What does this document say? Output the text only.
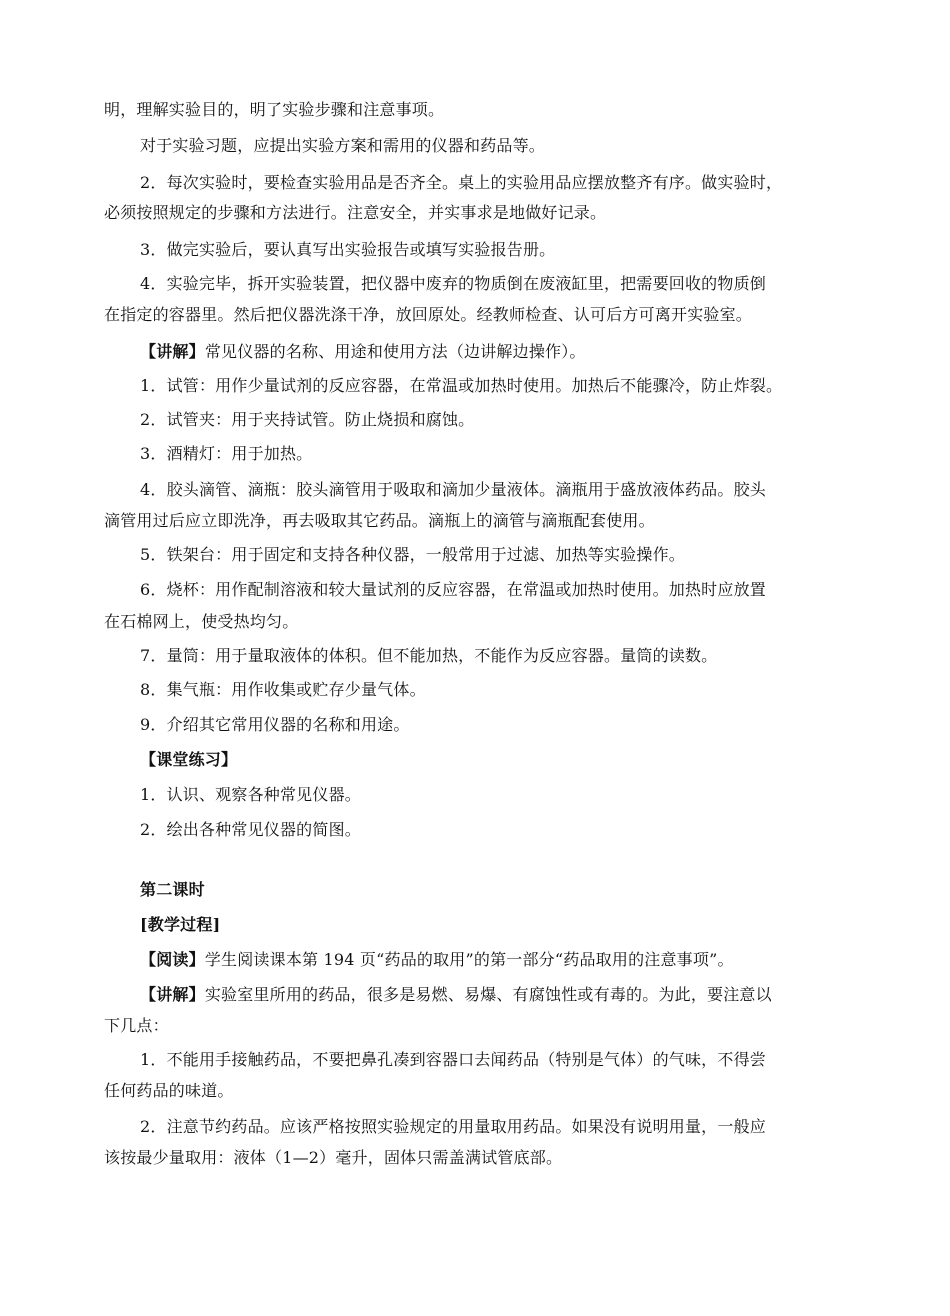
明，理解实验目的，明了实验步骤和注意事项。
对于实验习题，应提出实验方案和需用的仪器和药品等。
2．每次实验时，要检查实验用品是否齐全。桌上的实验用品应摆放整齐有序。做实验时，
必须按照规定的步骤和方法进行。注意安全，并实事求是地做好记录。
3．做完实验后，要认真写出实验报告或填写实验报告册。
4．实验完毕，拆开实验装置，把仪器中废弃的物质倒在废液缸里，把需要回收的物质倒
在指定的容器里。然后把仪器洗涤干净，放回原处。经教师检查、认可后方可离开实验室。
【讲解】常见仪器的名称、用途和使用方法（边讲解边操作）。
1．试管：用作少量试剂的反应容器，在常温或加热时使用。加热后不能骤冷，防止炸裂。
2．试管夹：用于夹持试管。防止烧损和腐蚀。
3．酒精灯：用于加热。
4．胶头滴管、滴瓶：胶头滴管用于吸取和滴加少量液体。滴瓶用于盛放液体药品。胶头
滴管用过后应立即洗净，再去吸取其它药品。滴瓶上的滴管与滴瓶配套使用。
5．铁架台：用于固定和支持各种仪器，一般常用于过滤、加热等实验操作。
6．烧杯：用作配制溶液和较大量试剂的反应容器，在常温或加热时使用。加热时应放置
在石棉网上，使受热均匀。
7．量筒：用于量取液体的体积。但不能加热，不能作为反应容器。量筒的读数。
8．集气瓶：用作收集或贮存少量气体。
9．介绍其它常用仪器的名称和用途。
【课堂练习】
1．认识、观察各种常见仪器。
2．绘出各种常见仪器的简图。
第二课时
[教学过程]
【阅读】学生阅读课本第 194 页“药品的取用”的第一部分“药品取用的注意事项”。
【讲解】实验室里所用的药品，很多是易燃、易爆、有腐蚀性或有毒的。为此，要注意以
下几点：
1．不能用手接触药品，不要把鼻孔凑到容器口去闻药品（特别是气体）的气味，不得尝
任何药品的味道。
2．注意节约药品。应该严格按照实验规定的用量取用药品。如果没有说明用量，一般应
该按最少量取用：液体（1—2）毫升，固体只需盖满试管底部。
